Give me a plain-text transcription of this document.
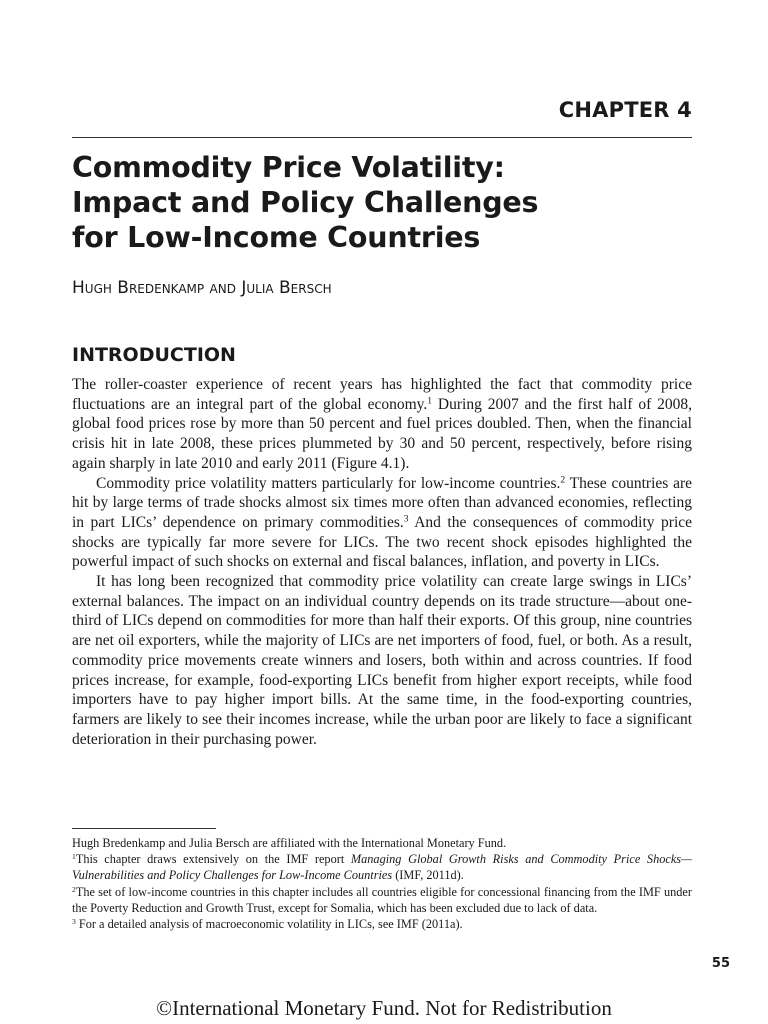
CHAPTER 4
Commodity Price Volatility:
Impact and Policy Challenges
for Low-Income Countries
Hugh Bredenkamp and Julia Bersch
INTRODUCTION

The roller-coaster experience of recent years has highlighted the fact that commodity price fluctuations are an integral part of the global economy.$^1$ During 2007 and the first half of 2008, global food prices rose by more than 50 percent and fuel prices doubled. Then, when the financial crisis hit in late 2008, these prices plummeted by 30 and 50 percent, respectively, before rising again sharply in late 2010 and early 2011 (Figure 4.1).

Commodity price volatility matters particularly for low-income countries.$^2$ These countries are hit by large terms of trade shocks almost six times more often than advanced economies, reflecting in part LICs’ dependence on primary commodities.$^3$ And the consequences of commodity price shocks are typically far more severe for LICs. The two recent shock episodes highlighted the powerful impact of such shocks on external and fiscal balances, inflation, and poverty in LICs.

It has long been recognized that commodity price volatility can create large swings in LICs’ external balances. The impact on an individual country depends on its trade structure—about one-third of LICs depend on commodities for more than half their exports. Of this group, nine countries are net oil exporters, while the majority of LICs are net importers of food, fuel, or both. As a result, commodity price movements create winners and losers, both within and across countries. If food prices increase, for example, food-exporting LICs benefit from higher export receipts, while food importers have to pay higher import bills. At the same time, in the food-exporting countries, farmers are likely to see their incomes increase, while the urban poor are likely to face a significant deterioration in their purchasing power.

Hugh Bredenkamp and Julia Bersch are affiliated with the International Monetary Fund.

$^1$This chapter draws extensively on the IMF report Managing Global Growth Risks and Commodity Price Shocks—Vulnerabilities and Policy Challenges for Low-Income Countries (IMF, 2011d).

$^2$The set of low-income countries in this chapter includes all countries eligible for concessional financing from the IMF under the Poverty Reduction and Growth Trust, except for Somalia, which has been excluded due to lack of data.

$^3$ For a detailed analysis of macroeconomic volatility in LICs, see IMF (2011a).

55
©International Monetary Fund. Not for Redistribution
